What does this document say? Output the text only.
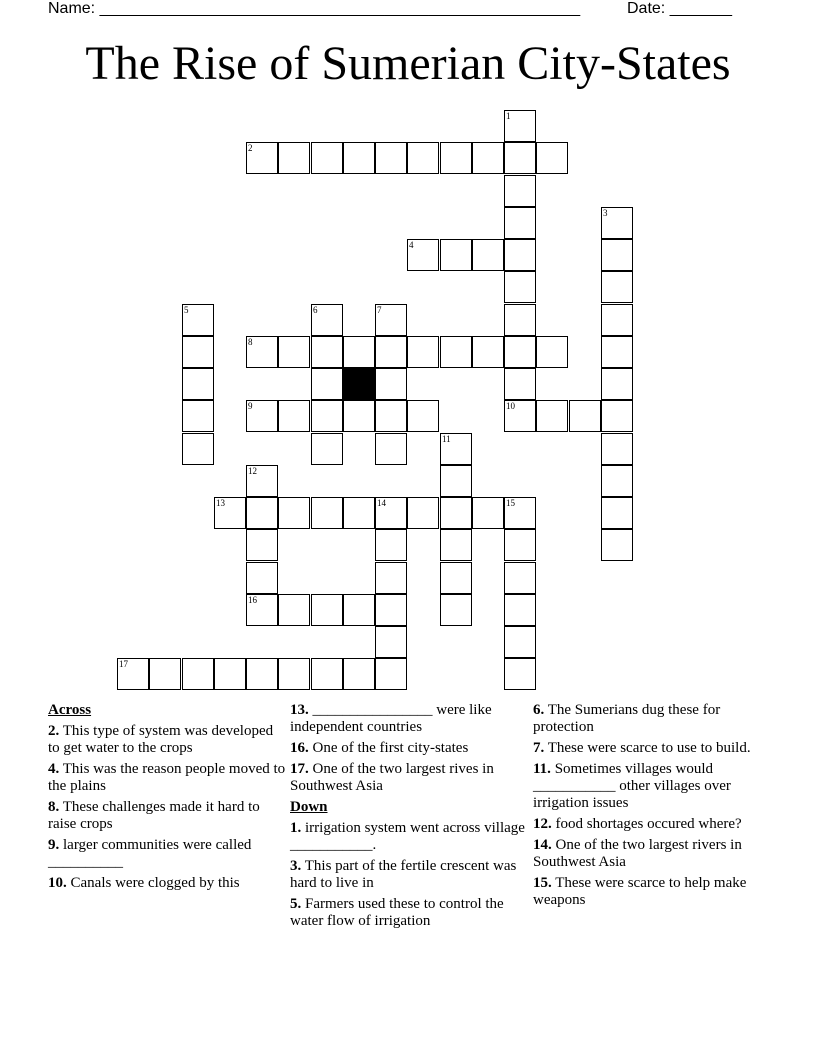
Name: ______________________________________________________	Date: _______
The Rise of Sumerian City-States
1
2
3
4
5	6	7
8
9	10
11
12
16
13	14	15
17
Across
2. This type of system was developed to get water to the crops
4. This was the reason people moved to the plains
8. These challenges made it hard to raise crops
9. larger communities were called __________
10. Canals were clogged by this
13. ________________ were like independent countries
16. One of the first city-states
17. One of the two largest rives in Southwest Asia
Down
1. irrigation system went across village ___________.
3. This part of the fertile crescent was hard to live in
5. Farmers used these to control the water flow of irrigation
6. The Sumerians dug these for protection
7. These were scarce to use to build.
11. Sometimes villages would ___________ other villages over irrigation issues
12. food shortages occured where?
14. One of the two largest rivers in Southwest Asia
15. These were scarce to help make weapons
